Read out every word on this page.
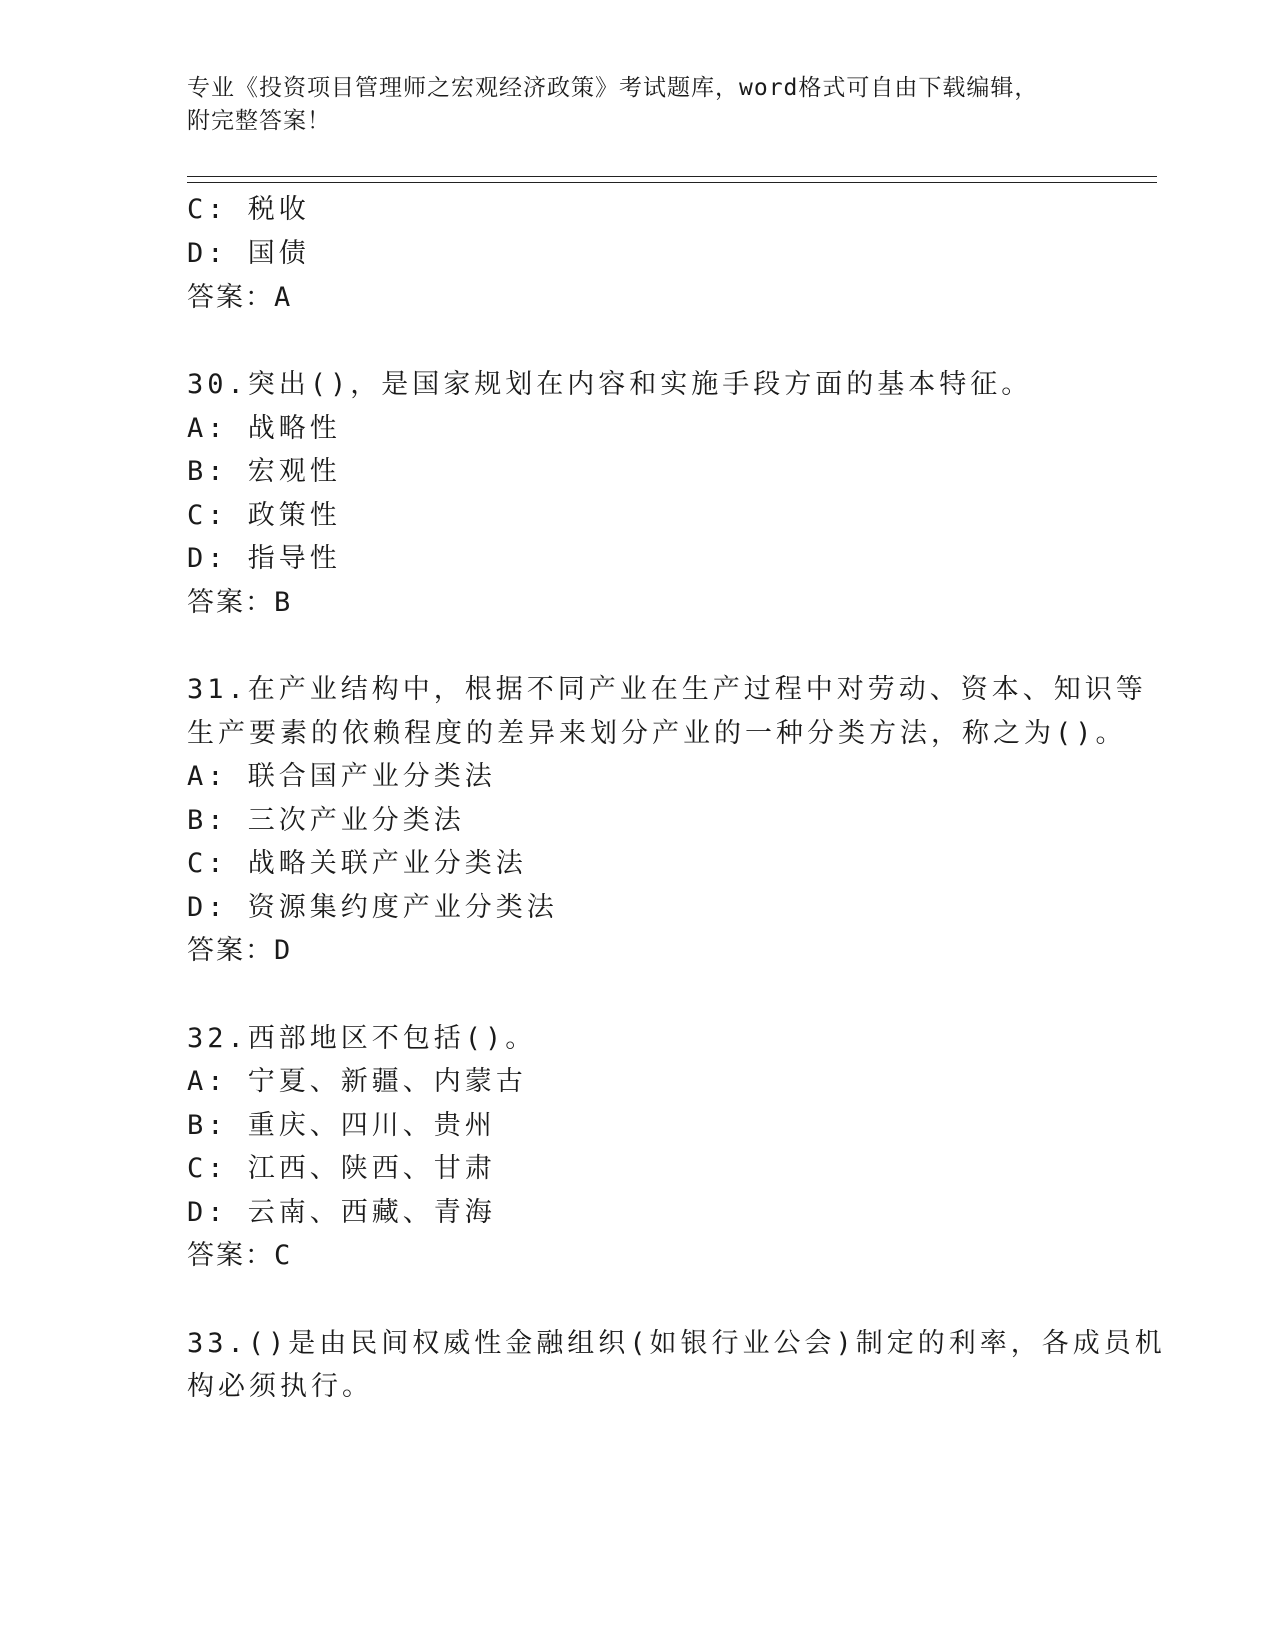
专业《投资项目管理师之宏观经济政策》考试题库，word格式可自由下载编辑，
附完整答案！
C: 税收
D: 国债
答案：A
30.突出()，是国家规划在内容和实施手段方面的基本特征。
A: 战略性
B: 宏观性
C: 政策性
D: 指导性
答案：B
31.在产业结构中，根据不同产业在生产过程中对劳动、资本、知识等
生产要素的依赖程度的差异来划分产业的一种分类方法，称之为()。
A: 联合国产业分类法
B: 三次产业分类法
C: 战略关联产业分类法
D: 资源集约度产业分类法
答案：D
32.西部地区不包括()。
A: 宁夏、新疆、内蒙古
B: 重庆、四川、贵州
C: 江西、陕西、甘肃
D: 云南、西藏、青海
答案：C
33.()是由民间权威性金融组织(如银行业公会)制定的利率，各成员机
构必须执行。
